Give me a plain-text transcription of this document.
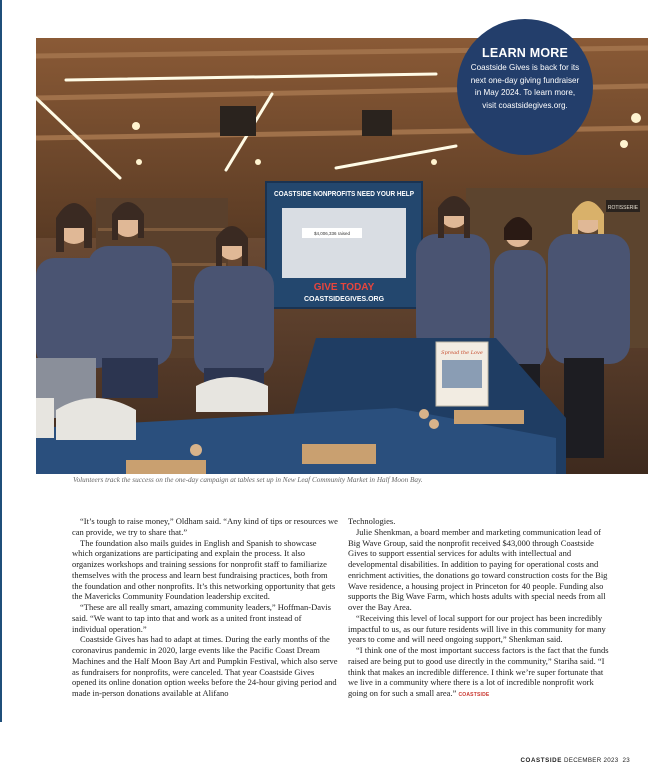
ROTISSERIE
COASTSIDE NONPROFITS NEED YOUR HELP
$4,006,336 raised
GIVE TODAY
COASTSIDEGIVES.ORG
Spread the Love
LEARN MORE
Coastside Gives is back for its next one-day giving fundraiser in May 2024. To learn more, visit coastsidegives.org.
Volunteers track the success on the one-day campaign at tables set up in New Leaf Community Market in Half Moon Bay.

“It’s tough to raise money,” Oldham said. “Any kind of tips or resources we can provide, we try to share that.”

The foundation also mails guides in English and Spanish to showcase which organizations are participating and explain the process. It also organizes workshops and training sessions for nonprofit staff to familiarize themselves with the process and learn best fundraising practices, both from the foundation and other nonprofits. It’s this networking opportunity that gets the Mavericks Community Foundation leadership excited.

“These are all really smart, amazing community leaders,” Hoffman-Davis said. “We want to tap into that and work as a united front instead of individual operation.”

Coastside Gives has had to adapt at times. During the early months of the coronavirus pandemic in 2020, large events like the Pacific Coast Dream Machines and the Half Moon Bay Art and Pumpkin Festival, which also serve as fundraisers for nonprofits, were canceled. That year Coastside Gives opened its online donation option weeks before the 24-hour giving period and made in-person donations available at Alifano

Technologies.

Julie Shenkman, a board member and marketing communication lead of Big Wave Group, said the nonprofit received $43,000 through Coastside Gives to support essential services for adults with intellectual and developmental disabilities. In addition to paying for operational costs and enrichment activities, the donations go toward construction costs for the Big Wave residence, a housing project in Princeton for 40 people. Funding also supports the Big Wave Farm, which hosts adults with special needs from all over the Bay Area.

“Receiving this level of local support for our project has been incredibly impactful to us, as our future residents will live in this community for many years to come and will need ongoing support,” Shenkman said.

“I think one of the most important success factors is the fact that the funds raised are being put to good use directly in the community,” Stariha said. “I think that makes an incredible difference. I think we’re super fortunate that we live in a community where there is a lot of incredible nonprofit work going on for such a small area.” COASTSIDE

COASTSIDE DECEMBER 2023 23
